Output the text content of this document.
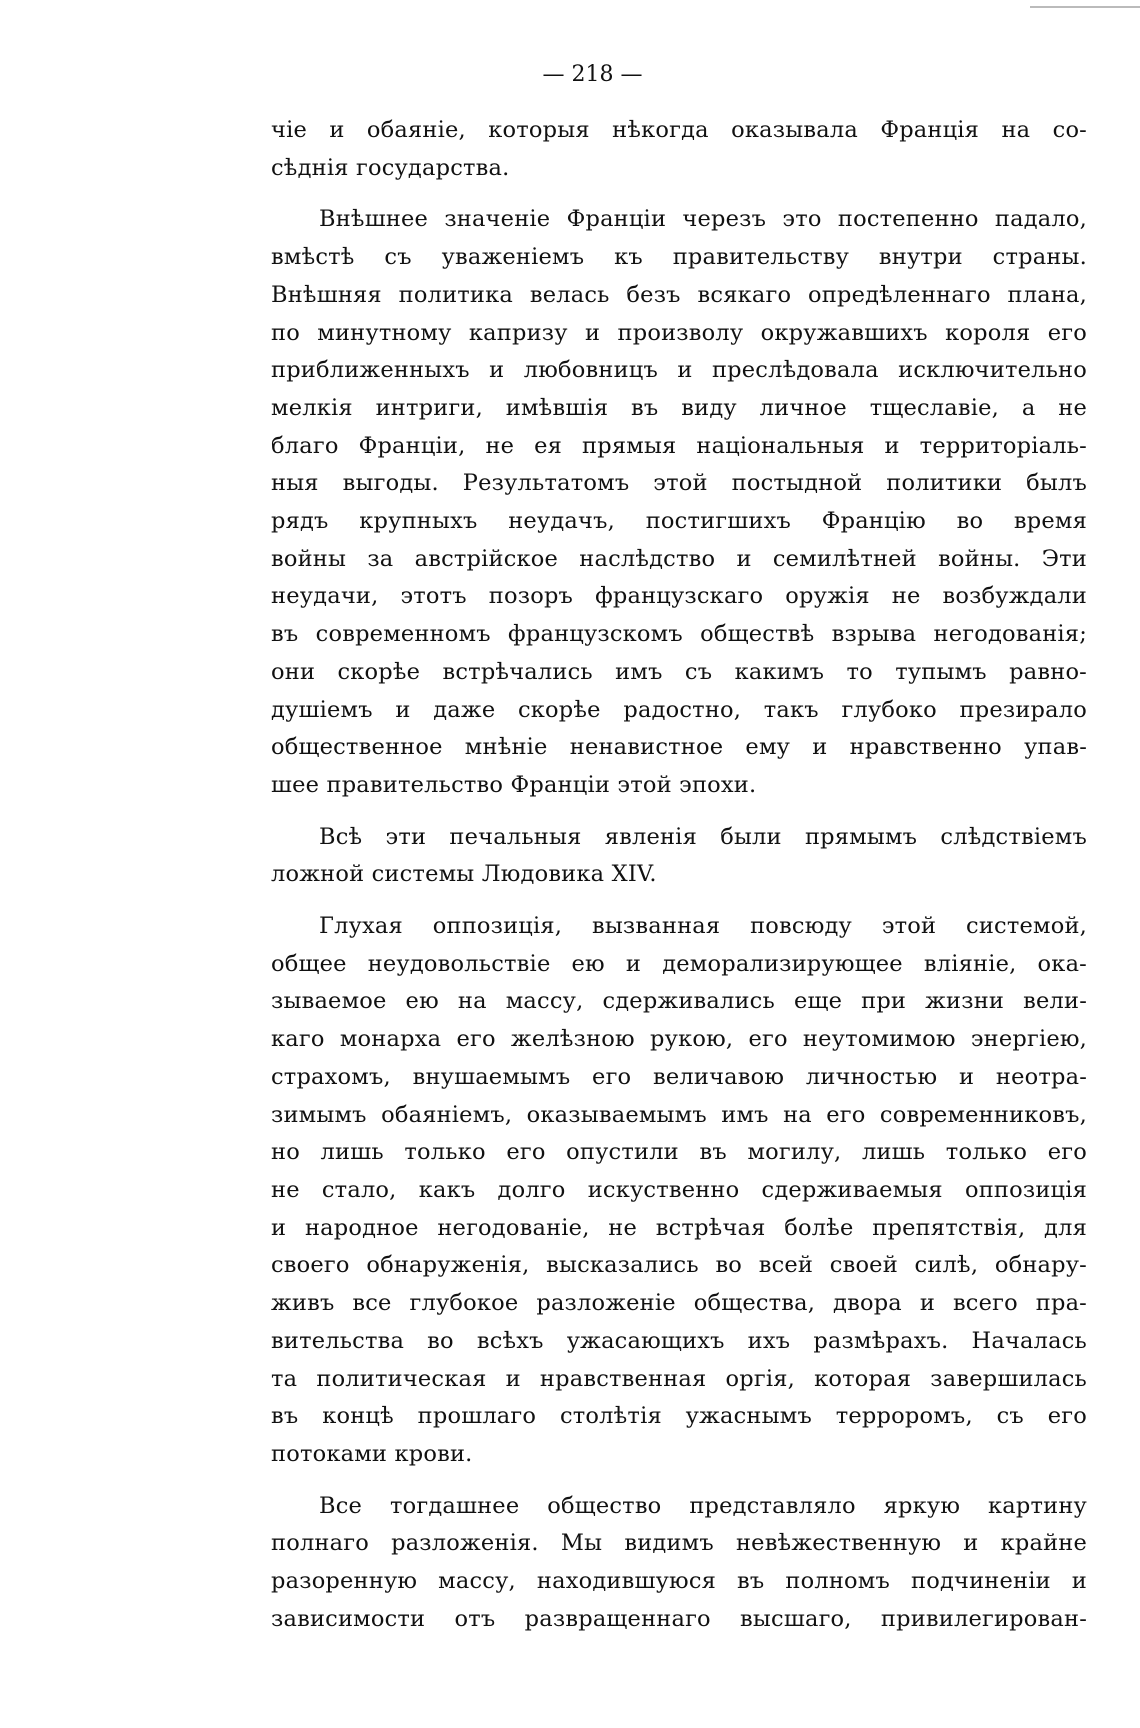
— 218 —

чіе и обаяніе, которыя нѣкогда оказывала Франція на со-
сѣднія государства.

Внѣшнее значеніе Франціи черезъ это постепенно падало,
вмѣстѣ съ уваженіемъ къ правительству внутри страны.
Внѣшняя политика велась безъ всякаго опредѣленнаго плана,
по минутному капризу и произволу окружавшихъ короля его
приближенныхъ и любовницъ и преслѣдовала исключительно
мелкія интриги, имѣвшія въ виду личное тщеславіе, а не
благо Франціи, не ея прямыя національныя и территоріаль-
ныя выгоды. Результатомъ этой постыдной политики былъ
рядъ крупныхъ неудачъ, постигшихъ Францію во время
войны за австрійское наслѣдство и семилѣтней войны. Эти
неудачи, этотъ позоръ французскаго оружія не возбуждали
въ современномъ французскомъ обществѣ взрыва негодованія;
они скорѣе встрѣчались имъ съ какимъ то тупымъ равно-
душіемъ и даже скорѣе радостно, такъ глубоко презирало
общественное мнѣніе ненавистное ему и нравственно упав-
шее правительство Франціи этой эпохи.

Всѣ эти печальныя явленія были прямымъ слѣдствіемъ
ложной системы Людовика XIV.

Глухая оппозиція, вызванная повсюду этой системой,
общее неудовольствіе ею и деморализирующее вліяніе, ока-
зываемое ею на массу, сдерживались еще при жизни вели-
каго монарха его желѣзною рукою, его неутомимою энергіею,
страхомъ, внушаемымъ его величавою личностью и неотра-
зимымъ обаяніемъ, оказываемымъ имъ на его современниковъ,
но лишь только его опустили въ могилу, лишь только его
не стало, какъ долго искуственно сдерживаемыя оппозиція
и народное негодованіе, не встрѣчая болѣе препятствія, для
своего обнаруженія, высказались во всей своей силѣ, обнару-
живъ все глубокое разложеніе общества, двора и всего пра-
вительства во всѣхъ ужасающихъ ихъ размѣрахъ. Началась
та политическая и нравственная оргія, которая завершилась
въ концѣ прошлаго столѣтія ужаснымъ терроромъ, съ его
потоками крови.

Все тогдашнее общество представляло яркую картину
полнаго разложенія. Мы видимъ невѣжественную и крайне
разоренную массу, находившуюся въ полномъ подчиненіи и
зависимости отъ развращеннаго высшаго, привилегирован-
